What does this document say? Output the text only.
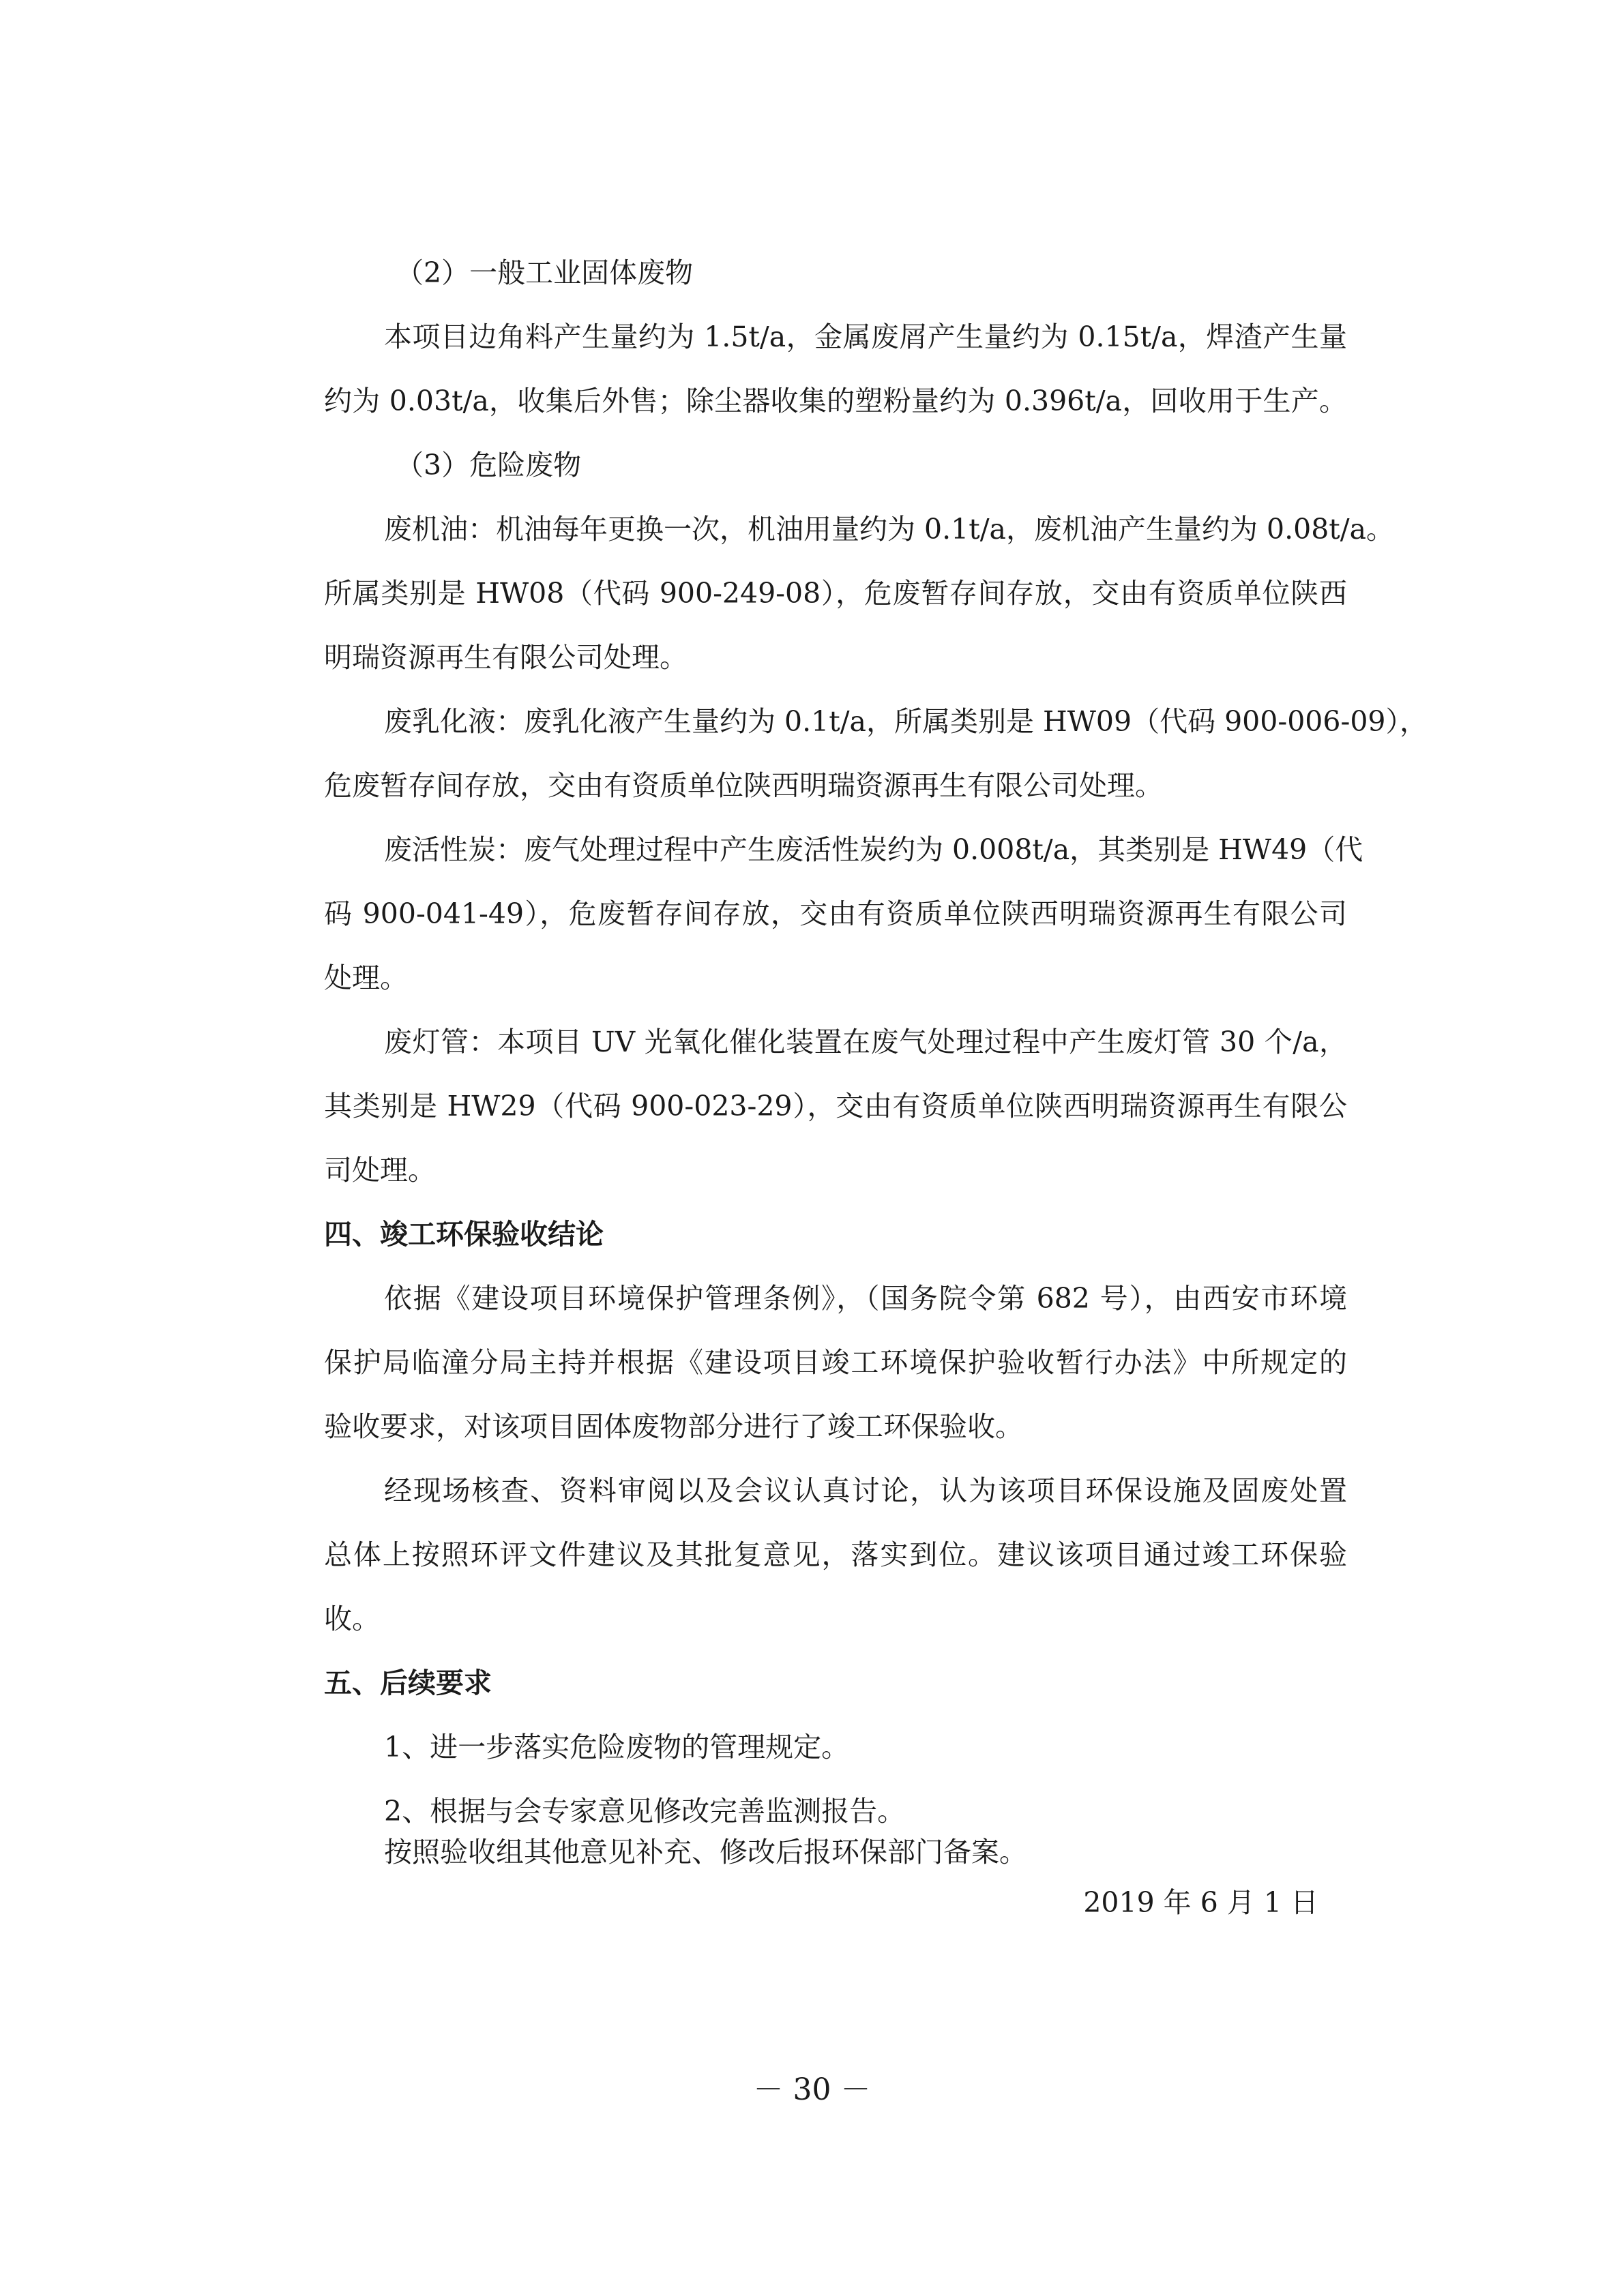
（2）一般工业固体废物
本项目边角料产生量约为 1.5t/a，金属废屑产生量约为 0.15t/a，焊渣产生量
约为 0.03t/a，收集后外售；除尘器收集的塑粉量约为 0.396t/a，回收用于生产。
（3）危险废物
废机油：机油每年更换一次，机油用量约为 0.1t/a，废机油产生量约为 0.08t/a。
所属类别是 HW08（代码 900-249-08），危废暂存间存放，交由有资质单位陕西
明瑞资源再生有限公司处理。
废乳化液：废乳化液产生量约为 0.1t/a，所属类别是 HW09（代码 900-006-09），
危废暂存间存放，交由有资质单位陕西明瑞资源再生有限公司处理。
废活性炭：废气处理过程中产生废活性炭约为 0.008t/a，其类别是 HW49（代
码 900-041-49），危废暂存间存放，交由有资质单位陕西明瑞资源再生有限公司
处理。
废灯管：本项目 UV 光氧化催化装置在废气处理过程中产生废灯管 30 个/a，
其类别是 HW29（代码 900-023-29），交由有资质单位陕西明瑞资源再生有限公
司处理。
四、竣工环保验收结论
依据《建设项目环境保护管理条例》，（国务院令第 682 号），由西安市环境
保护局临潼分局主持并根据《建设项目竣工环境保护验收暂行办法》中所规定的
验收要求，对该项目固体废物部分进行了竣工环保验收。
经现场核查、资料审阅以及会议认真讨论，认为该项目环保设施及固废处置
总体上按照环评文件建议及其批复意见，落实到位。建议该项目通过竣工环保验
收。
五、后续要求
1、进一步落实危险废物的管理规定。
2、根据与会专家意见修改完善监测报告。
按照验收组其他意见补充、修改后报环保部门备案。
2019 年 6 月 1 日
－ 30 －
